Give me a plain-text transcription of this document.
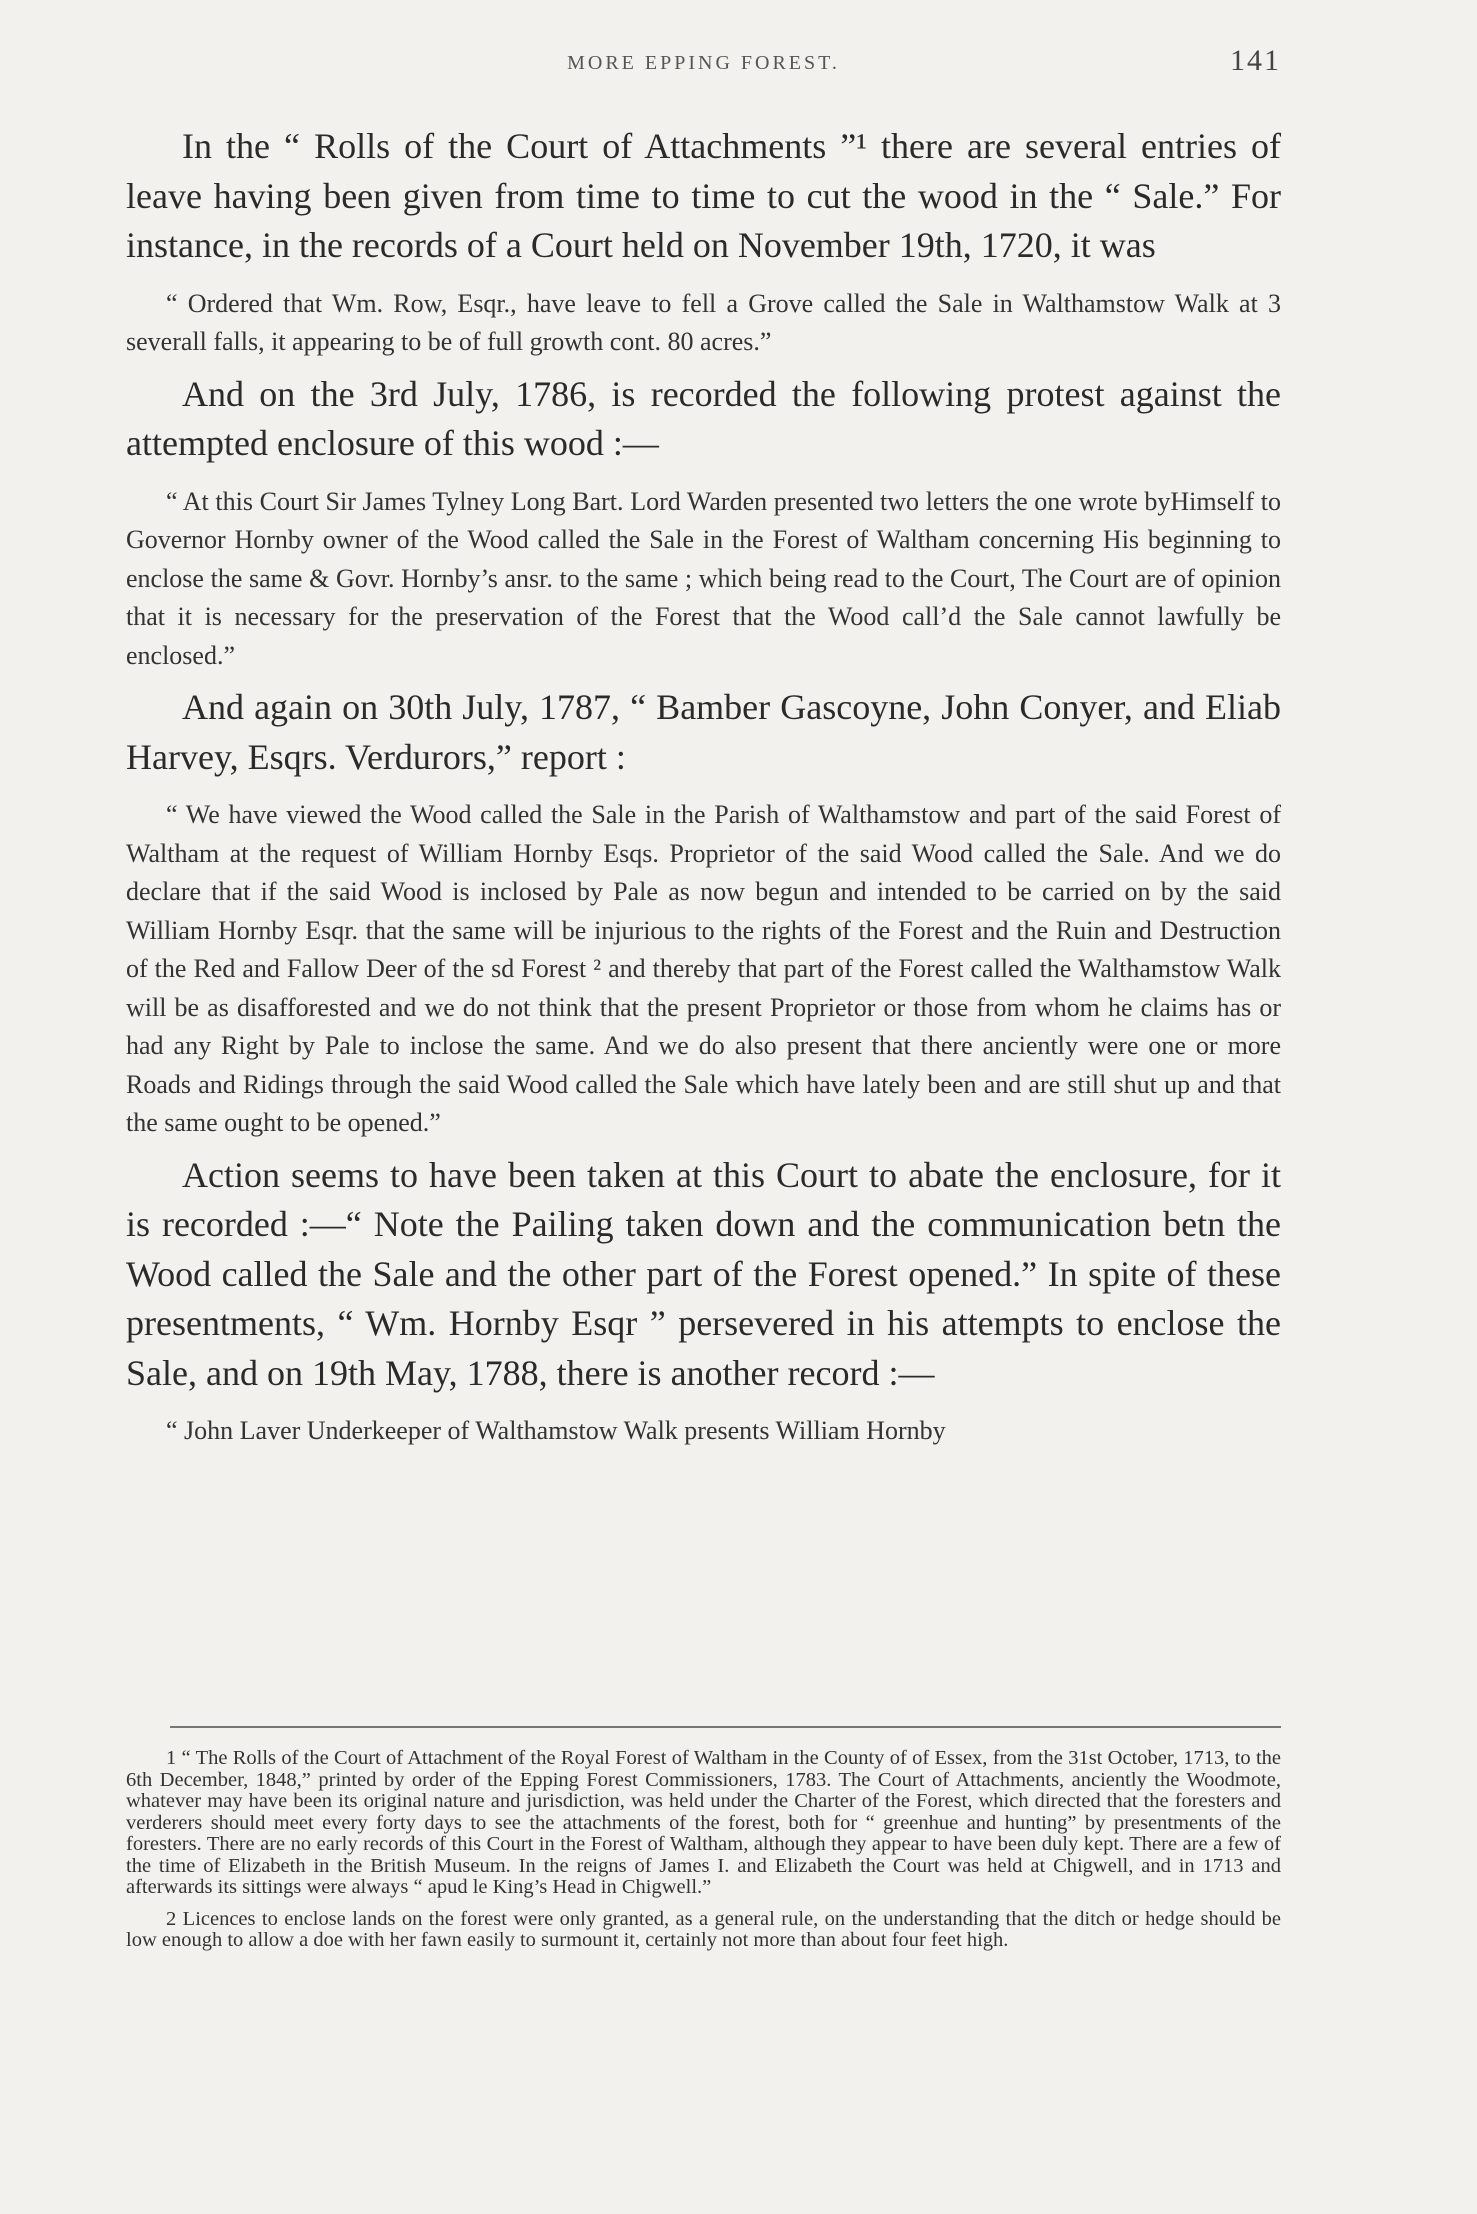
MORE EPPING FOREST.	141

In the “ Rolls of the Court of Attachments ”¹ there are several entries of leave having been given from time to time to cut the wood in the “ Sale.” For instance, in the records of a Court held on November 19th, 1720, it was

“ Ordered that Wm. Row, Esqr., have leave to fell a Grove called the Sale in Walthamstow Walk at 3 severall falls, it appearing to be of full growth cont. 80 acres.”

And on the 3rd July, 1786, is recorded the following protest against the attempted enclosure of this wood :—

“ At this Court Sir James Tylney Long Bart. Lord Warden presented two letters the one wrote byHimself to Governor Hornby owner of the Wood called the Sale in the Forest of Waltham concerning His beginning to enclose the same & Govr. Hornby’s ansr. to the same ; which being read to the Court, The Court are of opinion that it is necessary for the preservation of the Forest that the Wood call’d the Sale cannot lawfully be enclosed.”

And again on 30th July, 1787, “ Bamber Gascoyne, John Conyer, and Eliab Harvey, Esqrs. Verdurors,” report :

“ We have viewed the Wood called the Sale in the Parish of Walthamstow and part of the said Forest of Waltham at the request of William Hornby Esqs. Proprietor of the said Wood called the Sale. And we do declare that if the said Wood is inclosed by Pale as now begun and intended to be carried on by the said William Hornby Esqr. that the same will be injurious to the rights of the Forest and the Ruin and Destruction of the Red and Fallow Deer of the sd Forest ² and thereby that part of the Forest called the Walthamstow Walk will be as disafforested and we do not think that the present Proprietor or those from whom he claims has or had any Right by Pale to inclose the same. And we do also present that there anciently were one or more Roads and Ridings through the said Wood called the Sale which have lately been and are still shut up and that the same ought to be opened.”

Action seems to have been taken at this Court to abate the enclosure, for it is recorded :—“ Note the Pailing taken down and the communication betn the Wood called the Sale and the other part of the Forest opened.” In spite of these presentments, “ Wm. Hornby Esqr ” persevered in his attempts to enclose the Sale, and on 19th May, 1788, there is another record :—

“ John Laver Underkeeper of Walthamstow Walk presents William Hornby

1 “ The Rolls of the Court of Attachment of the Royal Forest of Waltham in the County of of Essex, from the 31st October, 1713, to the 6th December, 1848,” printed by order of the Epping Forest Commissioners, 1783. The Court of Attachments, anciently the Woodmote, whatever may have been its original nature and jurisdiction, was held under the Charter of the Forest, which directed that the foresters and verderers should meet every forty days to see the attachments of the forest, both for “ greenhue and hunting” by presentments of the foresters. There are no early records of this Court in the Forest of Waltham, although they appear to have been duly kept. There are a few of the time of Elizabeth in the British Museum. In the reigns of James I. and Elizabeth the Court was held at Chigwell, and in 1713 and afterwards its sittings were always “ apud le King’s Head in Chigwell.”

2 Licences to enclose lands on the forest were only granted, as a general rule, on the understanding that the ditch or hedge should be low enough to allow a doe with her fawn easily to surmount it, certainly not more than about four feet high.
